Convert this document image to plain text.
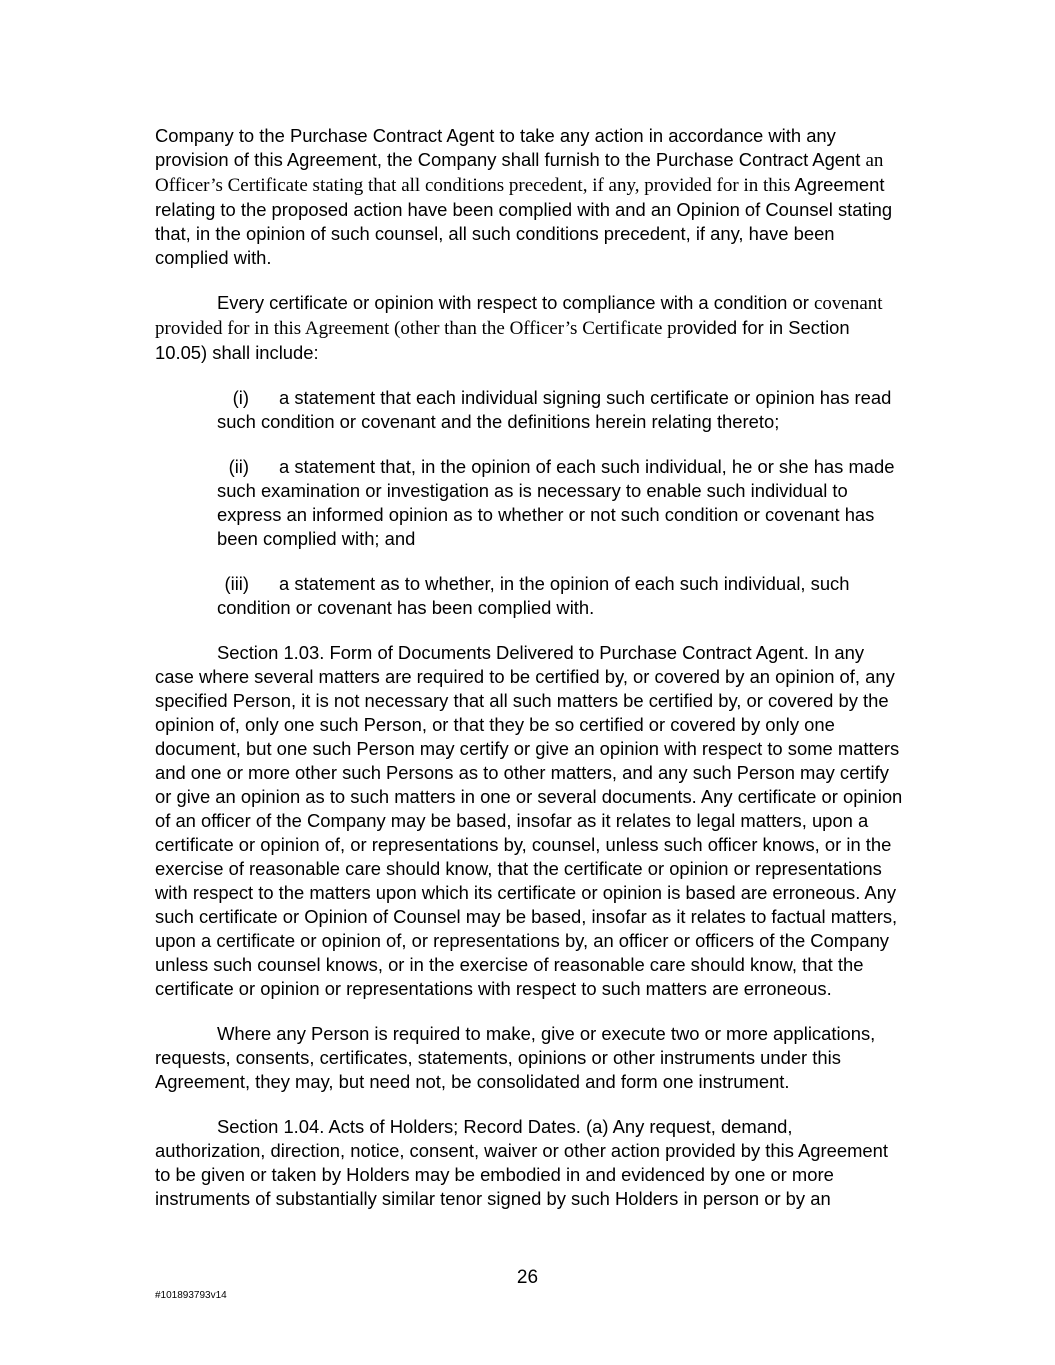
Company to the Purchase Contract Agent to take any action in accordance with any provision of this Agreement, the Company shall furnish to the Purchase Contract Agent an Officer’s Certificate stating that all conditions precedent, if any, provided for in this Agreement relating to the proposed action have been complied with and an Opinion of Counsel stating that, in the opinion of such counsel, all such conditions precedent, if any, have been complied with.

Every certificate or opinion with respect to compliance with a condition or covenant provided for in this Agreement (other than the Officer’s Certificate provided for in Section 10.05) shall include:

(i) a statement that each individual signing such certificate or opinion has read such condition or covenant and the definitions herein relating thereto;

(ii) a statement that, in the opinion of each such individual, he or she has made such examination or investigation as is necessary to enable such individual to express an informed opinion as to whether or not such condition or covenant has been complied with; and

(iii) a statement as to whether, in the opinion of each such individual, such condition or covenant has been complied with.

Section 1.03. Form of Documents Delivered to Purchase Contract Agent. In any case where several matters are required to be certified by, or covered by an opinion of, any specified Person, it is not necessary that all such matters be certified by, or covered by the opinion of, only one such Person, or that they be so certified or covered by only one document, but one such Person may certify or give an opinion with respect to some matters and one or more other such Persons as to other matters, and any such Person may certify or give an opinion as to such matters in one or several documents. Any certificate or opinion of an officer of the Company may be based, insofar as it relates to legal matters, upon a certificate or opinion of, or representations by, counsel, unless such officer knows, or in the exercise of reasonable care should know, that the certificate or opinion or representations with respect to the matters upon which its certificate or opinion is based are erroneous. Any such certificate or Opinion of Counsel may be based, insofar as it relates to factual matters, upon a certificate or opinion of, or representations by, an officer or officers of the Company unless such counsel knows, or in the exercise of reasonable care should know, that the certificate or opinion or representations with respect to such matters are erroneous.

Where any Person is required to make, give or execute two or more applications, requests, consents, certificates, statements, opinions or other instruments under this Agreement, they may, but need not, be consolidated and form one instrument.

Section 1.04. Acts of Holders; Record Dates. (a) Any request, demand, authorization, direction, notice, consent, waiver or other action provided by this Agreement to be given or taken by Holders may be embodied in and evidenced by one or more instruments of substantially similar tenor signed by such Holders in person or by an

26
#101893793v14
